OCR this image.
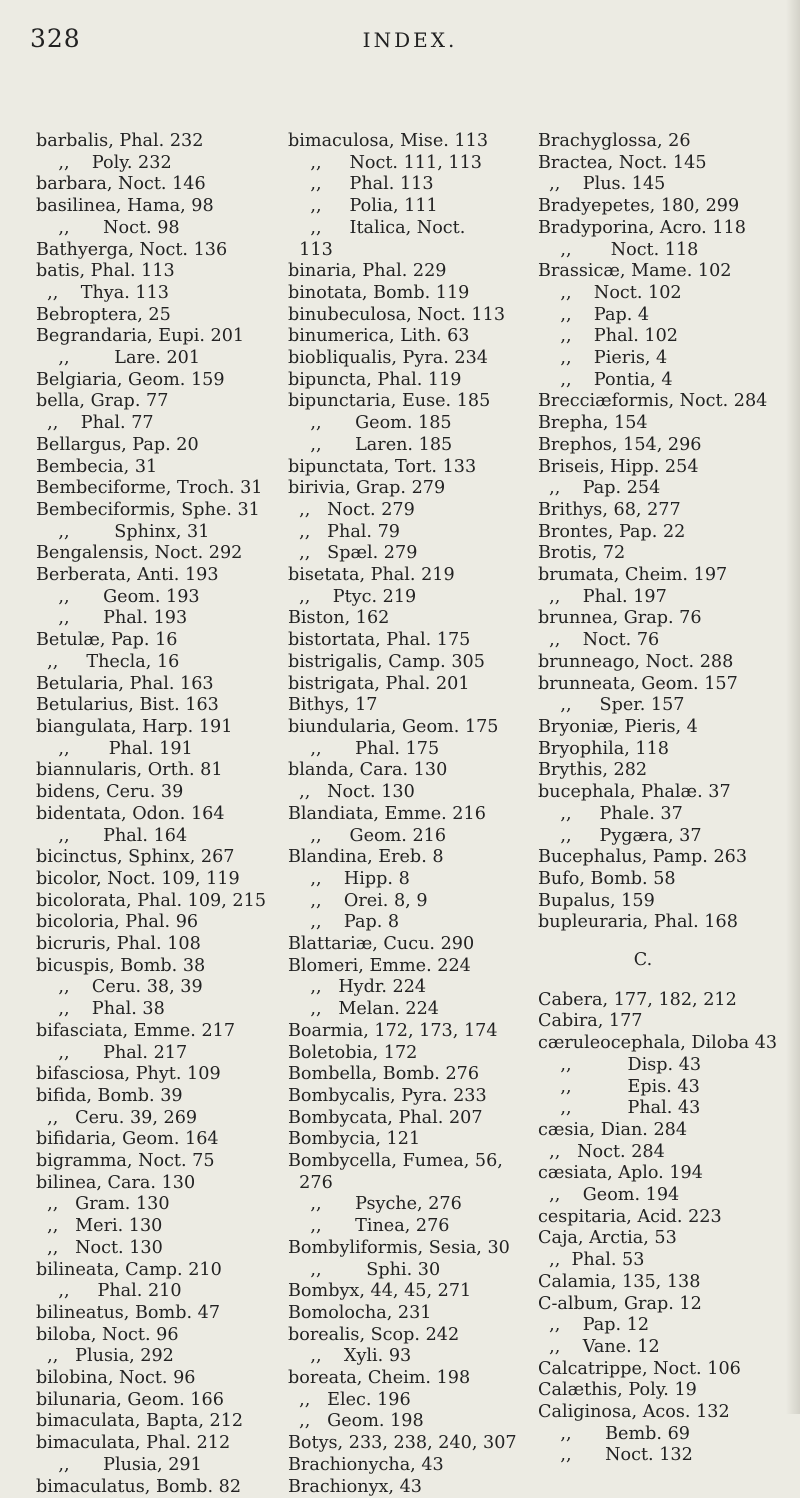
328	INDEX.
barbalis, Phal. 232
,,    Poly. 232
barbara, Noct. 146
basilinea, Hama, 98
,,      Noct. 98
Bathyerga, Noct. 136
batis, Phal. 113
,,    Thya. 113
Bebroptera, 25
Begrandaria, Eupi. 201
,,        Lare. 201
Belgiaria, Geom. 159
bella, Grap. 77
,,    Phal. 77
Bellargus, Pap. 20
Bembecia, 31
Bembeciforme, Troch. 31
Bembeciformis, Sphe. 31
,,        Sphinx, 31
Bengalensis, Noct. 292
Berberata, Anti. 193
,,      Geom. 193
,,      Phal. 193
Betulæ, Pap. 16
,,     Thecla, 16
Betularia, Phal. 163
Betularius, Bist. 163
biangulata, Harp. 191
,,       Phal. 191
biannularis, Orth. 81
bidens, Ceru. 39
bidentata, Odon. 164
,,      Phal. 164
bicinctus, Sphinx, 267
bicolor, Noct. 109, 119
bicolorata, Phal. 109, 215
bicoloria, Phal. 96
bicruris, Phal. 108
bicuspis, Bomb. 38
,,    Ceru. 38, 39
,,    Phal. 38
bifasciata, Emme. 217
,,      Phal. 217
bifasciosa, Phyt. 109
bifida, Bomb. 39
,,   Ceru. 39, 269
bifidaria, Geom. 164
bigramma, Noct. 75
bilinea, Cara. 130
,,   Gram. 130
,,   Meri. 130
,,   Noct. 130
bilineata, Camp. 210
,,     Phal. 210
bilineatus, Bomb. 47
biloba, Noct. 96
,,   Plusia, 292
bilobina, Noct. 96
bilunaria, Geom. 166
bimaculata, Bapta, 212
bimaculata, Phal. 212
,,      Plusia, 291
bimaculatus, Bomb. 82
bimaculosa, Mise. 113
,,     Noct. 111, 113
,,     Phal. 113
,,     Polia, 111
,,     Italica, Noct.
113
binaria, Phal. 229
binotata, Bomb. 119
binubeculosa, Noct. 113
binumerica, Lith. 63
biobliqualis, Pyra. 234
bipuncta, Phal. 119
bipunctaria, Euse. 185
,,      Geom. 185
,,      Laren. 185
bipunctata, Tort. 133
birivia, Grap. 279
,,   Noct. 279
,,   Phal. 79
,,   Spæl. 279
bisetata, Phal. 219
,,    Ptyc. 219
Biston, 162
bistortata, Phal. 175
bistrigalis, Camp. 305
bistrigata, Phal. 201
Bithys, 17
biundularia, Geom. 175
,,      Phal. 175
blanda, Cara. 130
,,   Noct. 130
Blandiata, Emme. 216
,,     Geom. 216
Blandina, Ereb. 8
,,    Hipp. 8
,,    Orei. 8, 9
,,    Pap. 8
Blattariæ, Cucu. 290
Blomeri, Emme. 224
,,   Hydr. 224
,,   Melan. 224
Boarmia, 172, 173, 174
Boletobia, 172
Bombella, Bomb. 276
Bombycalis, Pyra. 233
Bombycata, Phal. 207
Bombycia, 121
Bombycella, Fumea, 56,
276
,,      Psyche, 276
,,      Tinea, 276
Bombyliformis, Sesia, 30
,,        Sphi. 30
Bombyx, 44, 45, 271
Bomolocha, 231
borealis, Scop. 242
,,    Xyli. 93
boreata, Cheim. 198
,,   Elec. 196
,,   Geom. 198
Botys, 233, 238, 240, 307
Brachionycha, 43
Brachionyx, 43
Brachyglossa, 26
Bractea, Noct. 145
,,    Plus. 145
Bradyepetes, 180, 299
Bradyporina, Acro. 118
,,       Noct. 118
Brassicæ, Mame. 102
,,    Noct. 102
,,    Pap. 4
,,    Phal. 102
,,    Pieris, 4
,,    Pontia, 4
Brecciæformis, Noct. 284
Brepha, 154
Brephos, 154, 296
Briseis, Hipp. 254
,,    Pap. 254
Brithys, 68, 277
Brontes, Pap. 22
Brotis, 72
brumata, Cheim. 197
,,    Phal. 197
brunnea, Grap. 76
,,    Noct. 76
brunneago, Noct. 288
brunneata, Geom. 157
,,     Sper. 157
Bryoniæ, Pieris, 4
Bryophila, 118
Brythis, 282
bucephala, Phalæ. 37
,,     Phale. 37
,,     Pygæra, 37
Bucephalus, Pamp. 263
Bufo, Bomb. 58
Bupalus, 159
bupleuraria, Phal. 168
C.
Cabera, 177, 182, 212
Cabira, 177
cæruleocephala, Diloba 43
,,          Disp. 43
,,          Epis. 43
,,          Phal. 43
cæsia, Dian. 284
,,   Noct. 284
cæsiata, Aplo. 194
,,    Geom. 194
cespitaria, Acid. 223
Caja, Arctia, 53
,,  Phal. 53
Calamia, 135, 138
C-album, Grap. 12
,,    Pap. 12
,,    Vane. 12
Calcatrippe, Noct. 106
Calæthis, Poly. 19
Caliginosa, Acos. 132
,,      Bemb. 69
,,      Noct. 132
